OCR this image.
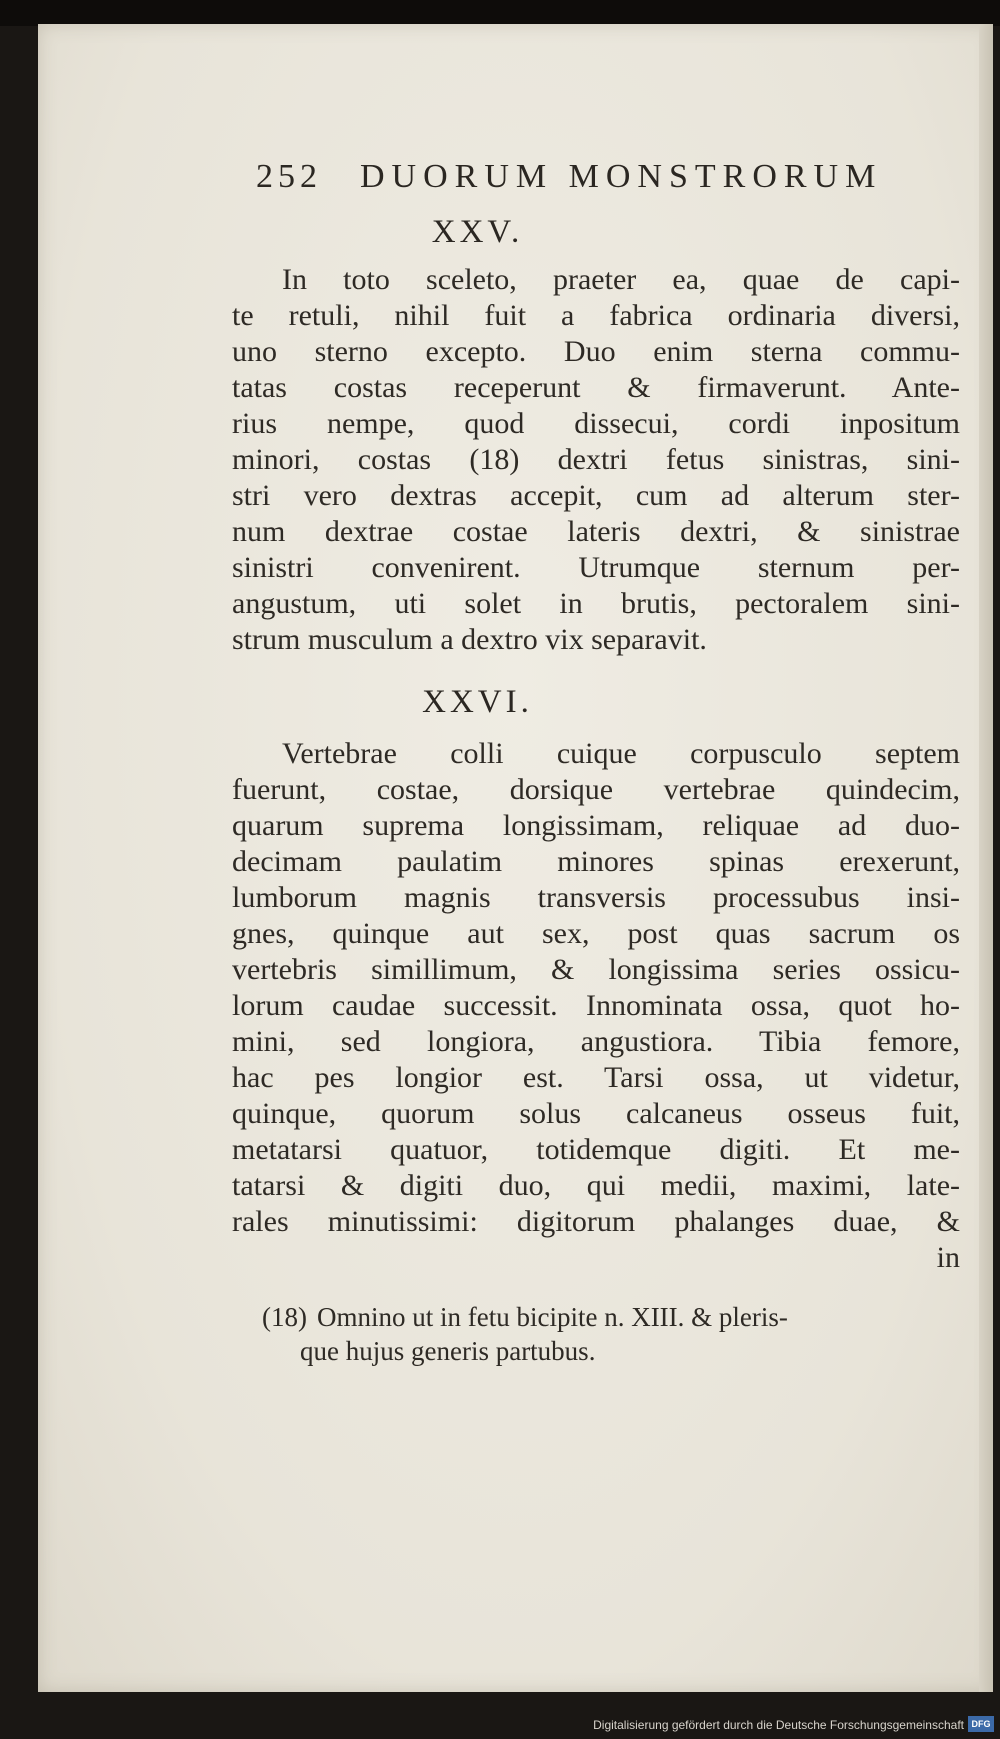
252 DUORUM MONSTRORUM
XXV.
In toto sceleto, praeter ea, quae de capi-
te retuli, nihil fuit a fabrica ordinaria diversi,
uno sterno excepto. Duo enim sterna commu-
tatas costas receperunt & firmaverunt. Ante-
rius nempe, quod dissecui, cordi inpositum
minori, costas (18) dextri fetus sinistras, sini-
stri vero dextras accepit, cum ad alterum ster-
num dextrae costae lateris dextri, & sinistrae
sinistri convenirent. Utrumque sternum per-
angustum, uti solet in brutis, pectoralem sini-
strum musculum a dextro vix separavit.
XXVI.
Vertebrae colli cuique corpusculo septem
fuerunt, costae, dorsique vertebrae quindecim,
quarum suprema longissimam, reliquae ad duo-
decimam paulatim minores spinas erexerunt,
lumborum magnis transversis processubus insi-
gnes, quinque aut sex, post quas sacrum os
vertebris simillimum, & longissima series ossicu-
lorum caudae successit. Innominata ossa, quot ho-
mini, sed longiora, angustiora. Tibia femore,
hac pes longior est. Tarsi ossa, ut videtur,
quinque, quorum solus calcaneus osseus fuit,
metatarsi quatuor, totidemque digiti. Et me-
tatarsi & digiti duo, qui medii, maximi, late-
rales minutissimi: digitorum phalanges duae, &
in
(18) Omnino ut in fetu bicipite n. XIII. & pleris-
que hujus generis partubus.
Digitalisierung gefördert durch die Deutsche Forschungsgemeinschaft DFG
